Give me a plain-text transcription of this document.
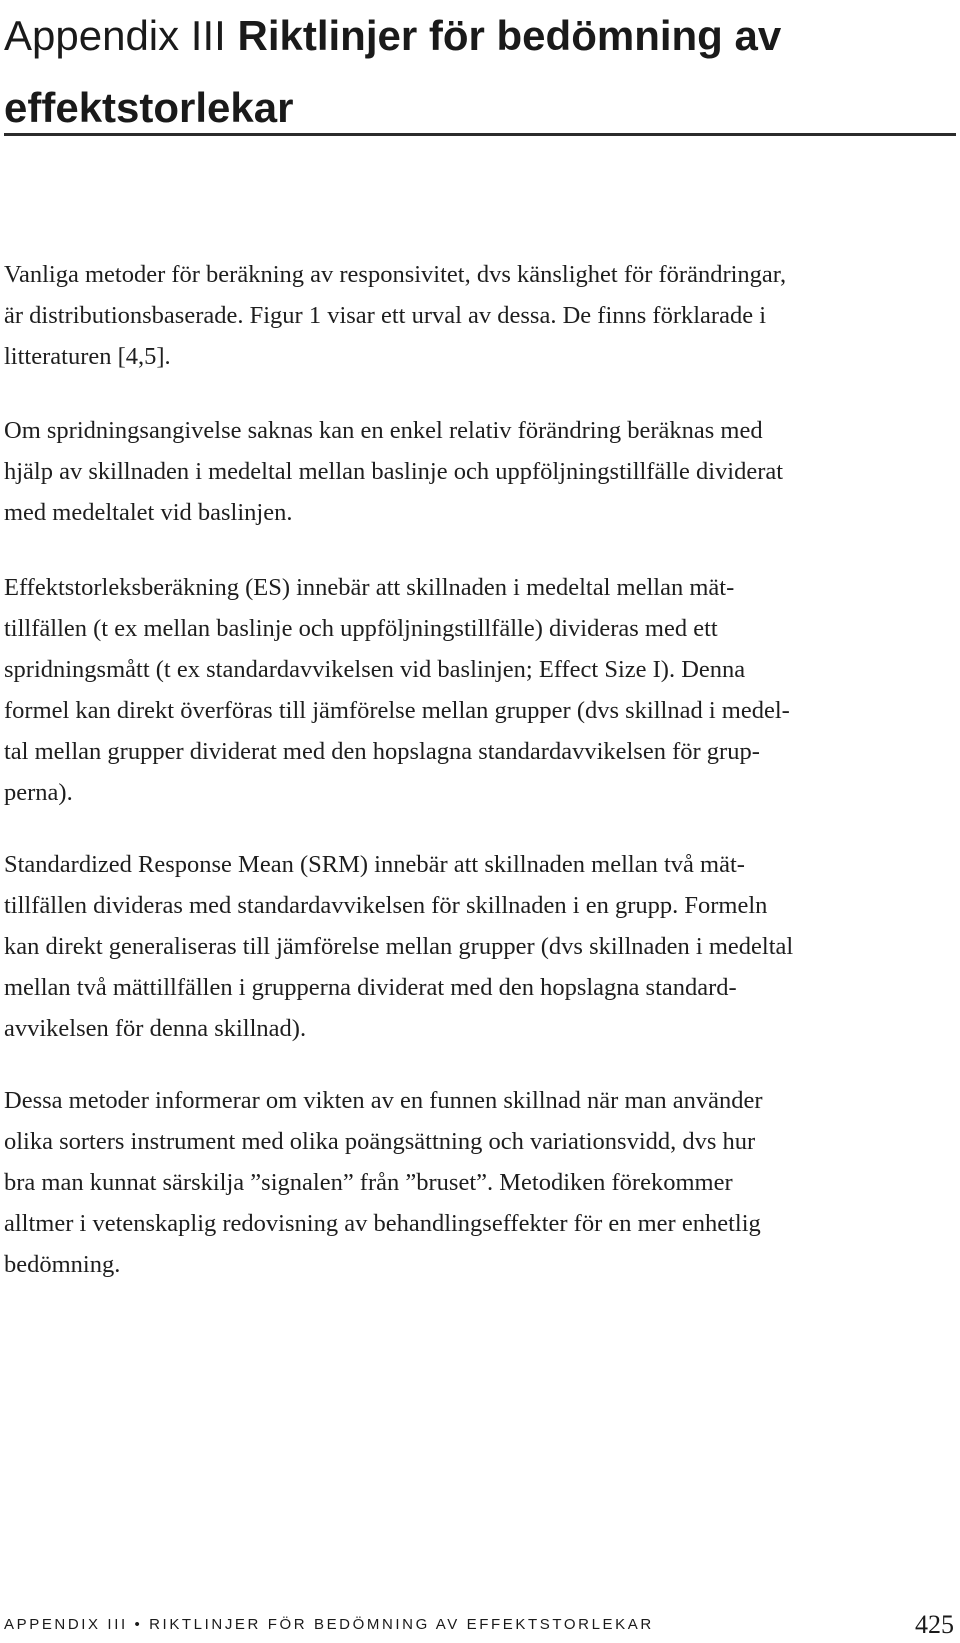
Appendix III Riktlinjer för bedömning av
effektstorlekar
Vanliga metoder för beräkning av responsivitet, dvs känslighet för förändringar,
är distributionsbaserade. Figur 1 visar ett urval av dessa. De finns förklarade i
litteraturen [4,5].
Om spridningsangivelse saknas kan en enkel relativ förändring beräknas med
hjälp av skillnaden i medeltal mellan baslinje och uppföljningstillfälle dividerat
med medeltalet vid baslinjen.
Effektstorleksberäkning (ES) innebär att skillnaden i medeltal mellan mät-
tillfällen (t ex mellan baslinje och uppföljningstillfälle) divideras med ett
spridningsmått (t ex standardavvikelsen vid baslinjen; Effect Size I). Denna
formel kan direkt överföras till jämförelse mellan grupper (dvs skillnad i medel-
tal mellan grupper dividerat med den hopslagna standardavvikelsen för grup-
perna).
Standardized Response Mean (SRM) innebär att skillnaden mellan två mät-
tillfällen divideras med standardavvikelsen för skillnaden i en grupp. Formeln
kan direkt generaliseras till jämförelse mellan grupper (dvs skillnaden i medeltal
mellan två mättillfällen i grupperna dividerat med den hopslagna standard-
avvikelsen för denna skillnad).
Dessa metoder informerar om vikten av en funnen skillnad när man använder
olika sorters instrument med olika poängsättning och variationsvidd, dvs hur
bra man kunnat särskilja ”signalen” från ”bruset”. Metodiken förekommer
alltmer i vetenskaplig redovisning av behandlingseffekter för en mer enhetlig
bedömning.
APPENDIX III • RIKTLINJER FÖR BEDÖMNING AV EFFEKTSTORLEKAR	425
